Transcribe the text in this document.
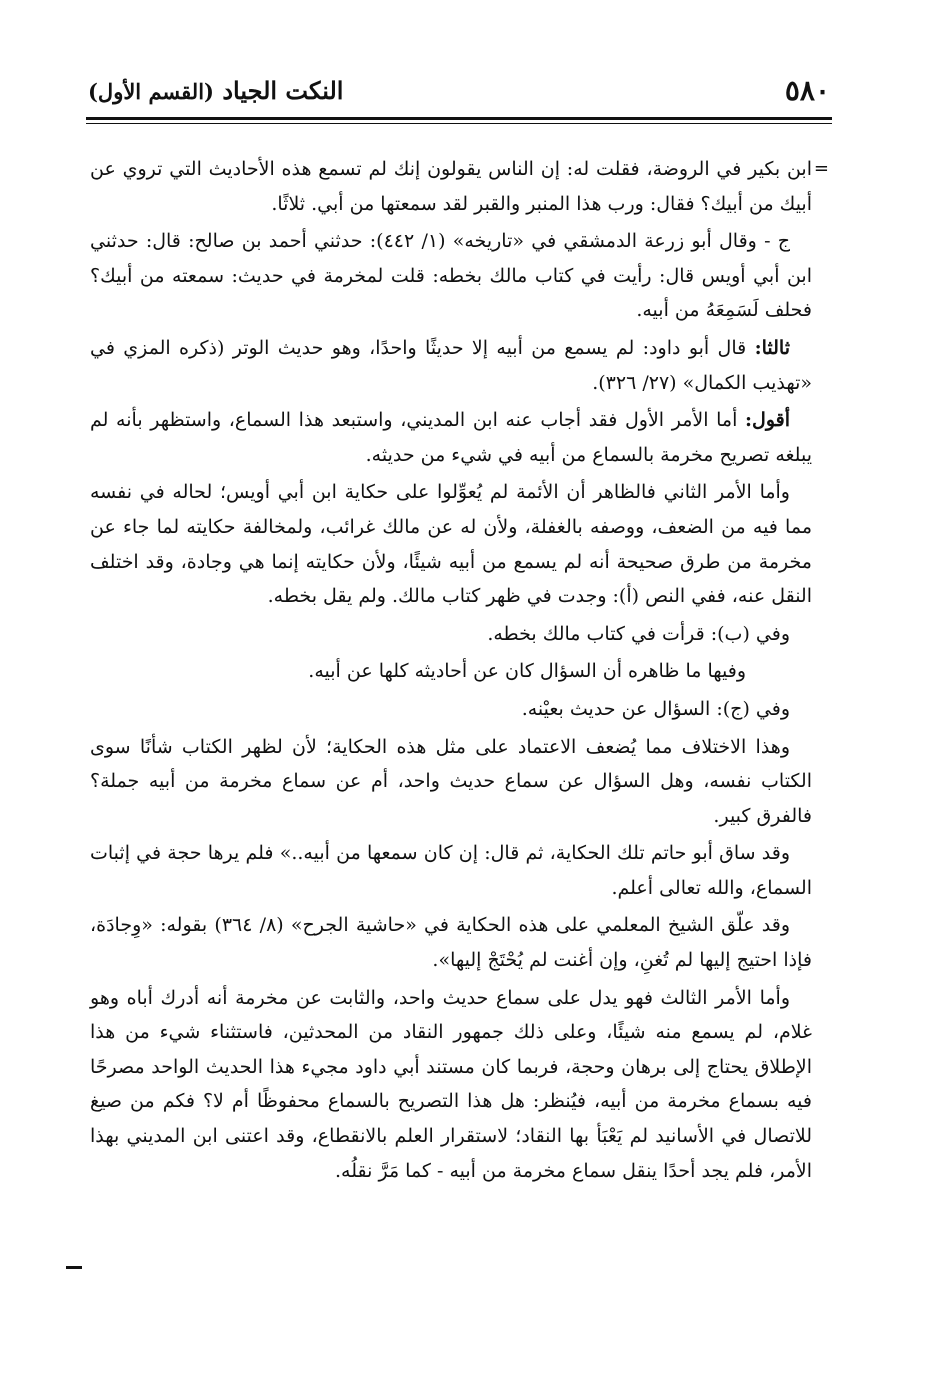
٥٨٠
النكت الجياد (القسم الأول)
=

ابن بكير في الروضة، فقلت له: إن الناس يقولون إنك لم تسمع هذه الأحاديث التي تروي عن أبيك من أبيك؟ فقال: ورب هذا المنبر والقبر لقد سمعتها من أبي. ثلاثًا.

ج - وقال أبو زرعة الدمشقي في «تاريخه» (١/ ٤٤٢): حدثني أحمد بن صالح: قال: حدثني ابن أبي أويس قال: رأيت في كتاب مالك بخطه: قلت لمخرمة في حديث: سمعته من أبيك؟ فحلف لَسَمِعَهُ من أبيه.

ثالثا: قال أبو داود: لم يسمع من أبيه إلا حديثًا واحدًا، وهو حديث الوتر (ذكره المزي في «تهذيب الكمال» (٢٧/ ٣٢٦).

أقول: أما الأمر الأول فقد أجاب عنه ابن المديني، واستبعد هذا السماع، واستظهر بأنه لم يبلغه تصريح مخرمة بالسماع من أبيه في شيء من حديثه.

وأما الأمر الثاني فالظاهر أن الأئمة لم يُعوِّلوا على حكاية ابن أبي أويس؛ لحاله في نفسه مما فيه من الضعف، ووصفه بالغفلة، ولأن له عن مالك غرائب، ولمخالفة حكايته لما جاء عن مخرمة من طرق صحيحة أنه لم يسمع من أبيه شيئًا، ولأن حكايته إنما هي وجادة، وقد اختلف النقل عنه، ففي النص (أ): وجدت في ظهر كتاب مالك. ولم يقل بخطه.

وفي (ب): قرأت في كتاب مالك بخطه.

وفيها ما ظاهره أن السؤال كان عن أحاديثه كلها عن أبيه.

وفي (ج): السؤال عن حديث بعيْنه.

وهذا الاختلاف مما يُضعف الاعتماد على مثل هذه الحكاية؛ لأن لظهر الكتاب شأنًا سوى الكتاب نفسه، وهل السؤال عن سماع حديث واحد، أم عن سماع مخرمة من أبيه جملة؟ فالفرق كبير.

وقد ساق أبو حاتم تلك الحكاية، ثم قال: إن كان سمعها من أبيه..» فلم يرها حجة في إثبات السماع، والله تعالى أعلم.

وقد علّق الشيخ المعلمي على هذه الحكاية في «حاشية الجرح» (٨/ ٣٦٤) بقوله: «وِجادَة، فإذا احتيج إليها لم تُغنِ، وإن أغنت لم يُحْتَجْ إليها».

وأما الأمر الثالث فهو يدل على سماع حديث واحد، والثابت عن مخرمة أنه أدرك أباه وهو غلام، لم يسمع منه شيئًا، وعلى ذلك جمهور النقاد من المحدثين، فاستثناء شيء من هذا الإطلاق يحتاج إلى برهان وحجة، فربما كان مستند أبي داود مجيء هذا الحديث الواحد مصرحًا فيه بسماع مخرمة من أبيه، فيُنظر: هل هذا التصريح بالسماع محفوظًا أم لا؟ فكم من صيغ للاتصال في الأسانيد لم يَعْبَأ بها النقاد؛ لاستقرار العلم بالانقطاع، وقد اعتنى ابن المديني بهذا الأمر، فلم يجد أحدًا ينقل سماع مخرمة من أبيه - كما مَرَّ نقلُه.
